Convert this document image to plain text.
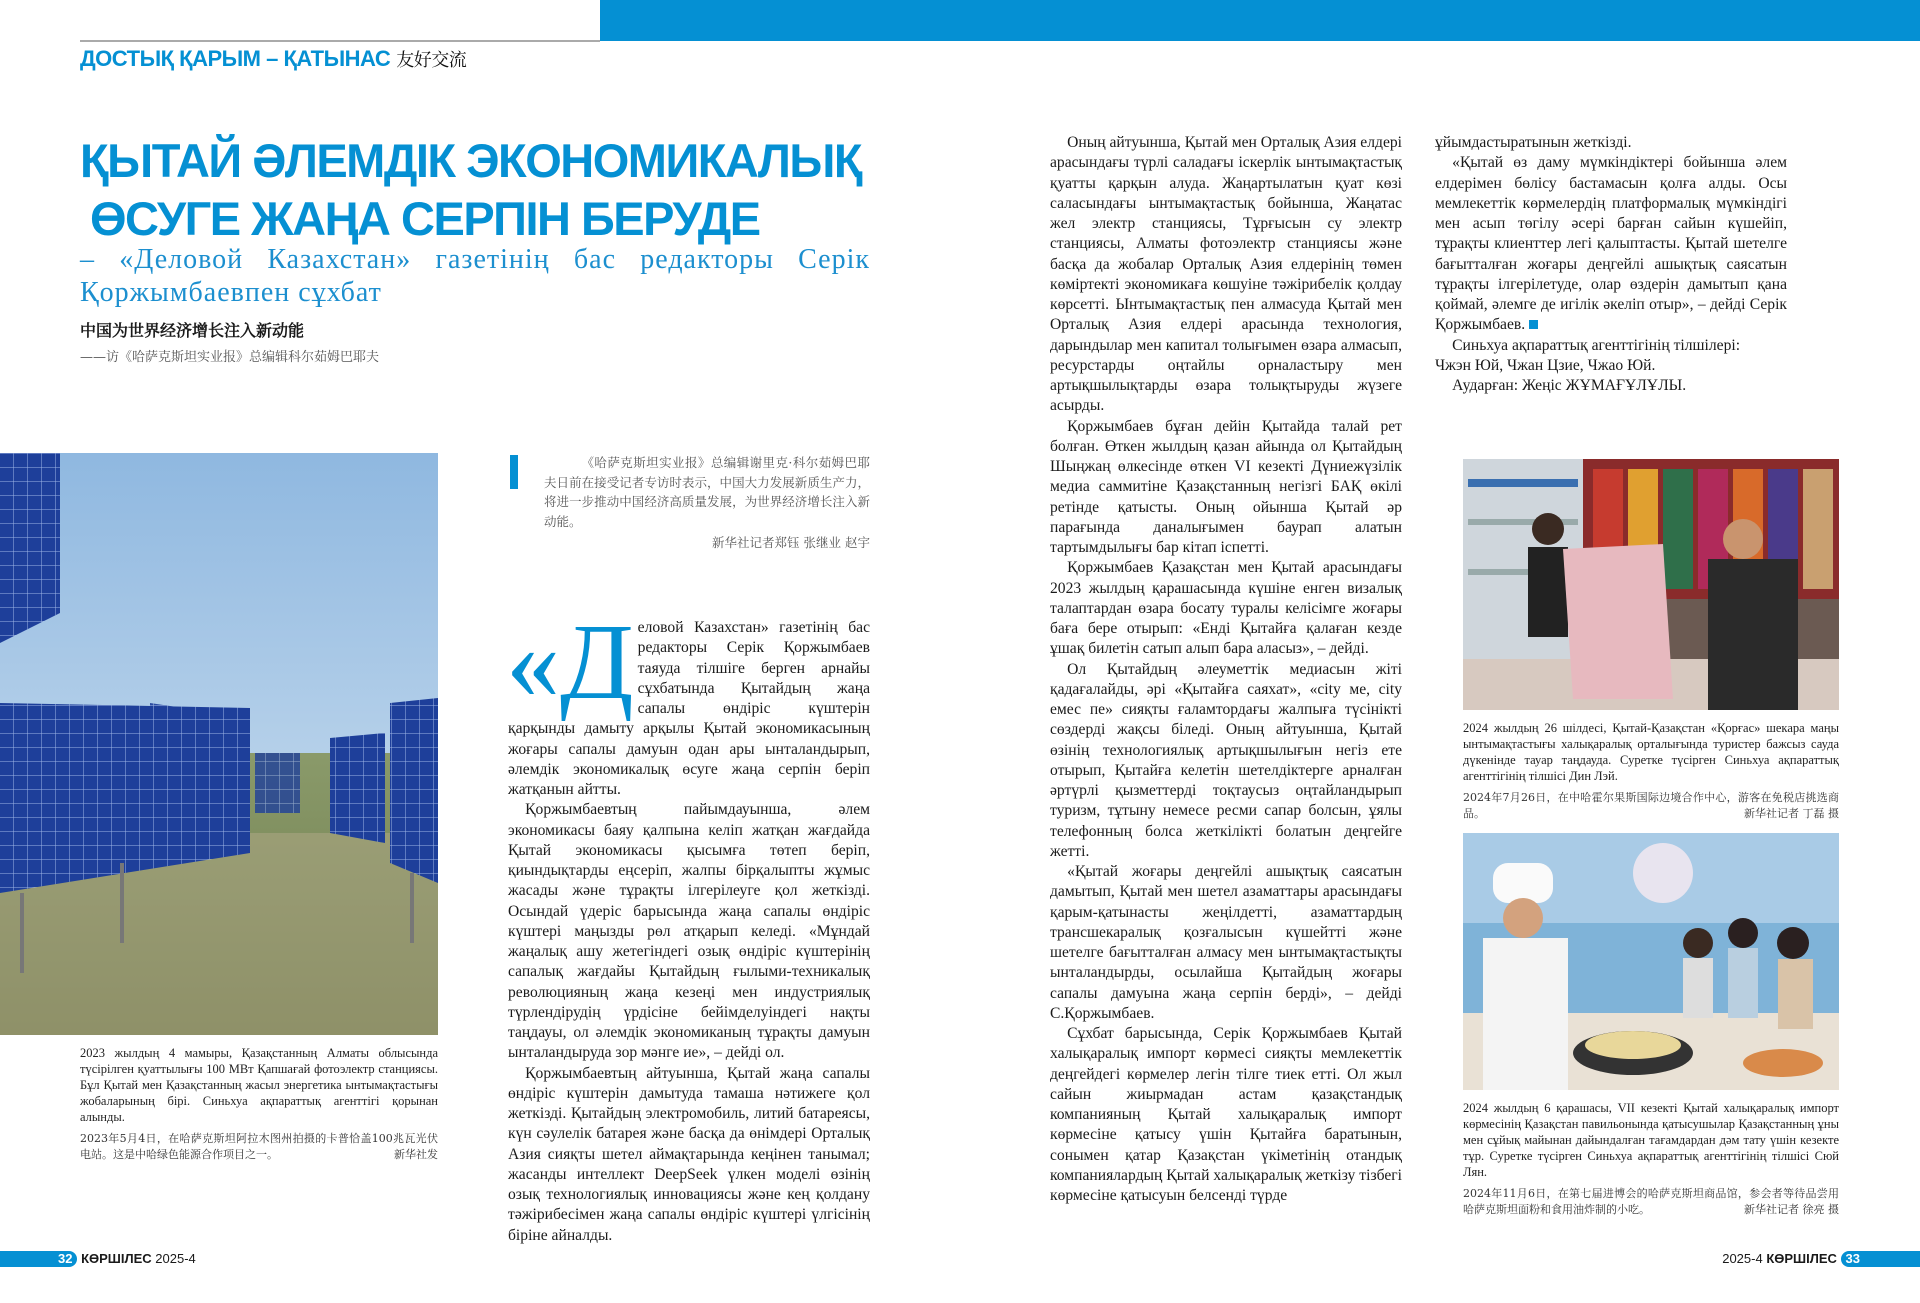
ДОСТЫҚ ҚАРЫМ – ҚАТЫНАС 友好交流
ҚЫТАЙ ӘЛЕМДІК ЭКОНОМИКАЛЫҚ
ӨСУГЕ ЖАҢА СЕРПІН БЕРУДЕ
– «Деловой Казахстан» газетінің бас редакторы Серік Қоржымбаевпен сұхбат
中国为世界经济增长注入新动能
——访《哈萨克斯坦实业报》总编辑科尔茹姆巴耶夫
2023 жылдың 4 мамыры, Қазақстанның Алматы облысында түсірілген қуаттылығы 100 МВт Қапшағай фотоэлектр станциясы. Бұл Қытай мен Қазақстанның жасыл энергетика ынтымақтастығы жобаларының бірі. Синьхуа ақпараттық агенттігі қорынан алынды.
2023年5月4日，在哈萨克斯坦阿拉木图州拍摄的卡普恰盖100兆瓦光伏电站。这是中哈绿色能源合作项目之一。	新华社发
《哈萨克斯坦实业报》总编辑谢里克·科尔茹姆巴耶夫日前在接受记者专访时表示，中国大力发展新质生产力，将进一步推动中国经济高质量发展，为世界经济增长注入新动能。
新华社记者郑钰 张继业 赵宇

«Деловой Казахстан» газетінің бас редакторы Серік Қоржымбаев таяуда тілшіге берген арнайы сұхбатында Қытайдың жаңа сапалы өндіріс күштерін қарқынды дамыту арқылы Қытай экономикасының жоғары сапалы дамуын одан ары ынталандырып, әлемдік экономикалық өсуге жаңа серпін беріп жатқанын айтты.

Қоржымбаевтың пайымдауынша, әлем экономикасы баяу қалпына келіп жатқан жағдайда Қытай экономикасы қысымға төтеп беріп, қиындықтарды еңсеріп, жалпы бірқалыпты жұмыс жасады және тұрақты ілгерілеуге қол жеткізді. Осындай үдеріс барысында жаңа сапалы өндіріс күштері маңызды рөл атқарып келеді. «Мұндай жаңалық ашу жетегіндегі озық өндіріс күштерінің сапалық жағдайы Қытайдың ғылыми-техникалық революцияның жаңа кезеңі мен индустриялық түрлендірудің үрдісіне бейімделуіндегі нақты таңдауы, ол әлемдік экономиканың тұрақты дамуын ынталандыруда зор мәнге ие», – дейді ол.

Қоржымбаевтың айтуынша, Қытай жаңа сапалы өндіріс күштерін дамытуда тамаша нәтижеге қол жеткізді. Қытайдың электромобиль, литий батареясы, күн сәулелік батарея және басқа да өнімдері Орталық Азия сияқты шетел аймақтарында кеңінен танымал; жасанды интеллект DeepSeek үлкен моделі өзінің озық технологиялық инновациясы және кең қолдану тәжірибесімен жаңа сапалы өндіріс күштері үлгісінің біріне айналды.

Оның айтуынша, Қытай мен Орталық Азия елдері арасындағы түрлі саладағы іскерлік ынтымақтастық қуатты қарқын алуда. Жаңартылатын қуат көзі саласындағы ынтымақтастық бойынша, Жаңатас жел электр станциясы, Тұрғысын су электр станциясы, Алматы фотоэлектр станциясы және басқа да жобалар Орталық Азия елдерінің төмен көміртекті экономикаға көшуіне тәжірибелік қолдау көрсетті. Ынтымақтастық пен алмасуда Қытай мен Орталық Азия елдері арасында технология, дарындылар мен капитал толығымен өзара алмасып, ресурстарды оңтайлы орналастыру мен артықшылықтарды өзара толықтыруды жүзеге асырды.

Қоржымбаев бұған дейін Қытайда талай рет болған. Өткен жылдың қазан айында ол Қытайдың Шыңжаң өлкесінде өткен VI кезекті Дүниежүзілік медиа саммитіне Қазақстанның негізгі БАҚ өкілі ретінде қатысты. Оның ойынша Қытай әр парағында даналығымен баурап алатын тартымдылығы бар кітап іспетті.

Қоржымбаев Қазақстан мен Қытай арасындағы 2023 жылдың қарашасында күшіне енген визалық талаптардан өзара босату туралы келісімге жоғары баға бере отырып: «Енді Қытайға қалаған кезде ұшақ билетін сатып алып бара аласыз», – дейді.

Ол Қытайдың әлеуметтік медиасын жіті қадағалайды, әрі «Қытайға саяхат», «city ме, city емес пе» сияқты ғаламтордағы жалпыға түсінікті сөздерді жақсы біледі. Оның айтуынша, Қытай өзінің технологиялық артықшылығын негіз ете отырып, Қытайға келетін шетелдіктерге арналған әртүрлі қызметтерді тоқтаусыз оңтайландырып туризм, тұтыну немесе ресми сапар болсын, ұялы телефонның болса жеткілікті болатын деңгейге жетті.

«Қытай жоғары деңгейлі ашықтық саясатын дамытып, Қытай мен шетел азаматтары арасындағы қарым-қатынасты жеңілдетті, азаматтардың трансшекаралық қозғалысын күшейтті және шетелге бағытталған алмасу мен ынтымақтастықты ынталандырды, осылайша Қытайдың жоғары сапалы дамуына жаңа серпін берді», – дейді С.Қоржымбаев.

Сұхбат барысында, Серік Қоржымбаев Қытай халықаралық импорт көрмесі сияқты мемлекеттік деңгейдегі көрмелер легін тілге тиек етті. Ол жыл сайын жиырмадан астам қазақстандық компанияның Қытай халықаралық импорт көрмесіне қатысу үшін Қытайға баратынын, сонымен қатар Қазақстан үкіметінің отандық компаниялардың Қытай халықаралық жеткізу тізбегі көрмесіне қатысуын белсенді түрде

ұйымдастыратынын жеткізді.

«Қытай өз даму мүмкіндіктері бойынша әлем елдерімен бөлісу бастамасын қолға алды. Осы мемлекеттік көрмелердің платформалық мүмкіндігі мен асып төгілу әсері барған сайын күшейіп, тұрақты клиенттер легі қалыптасты. Қытай шетелге бағытталған жоғары деңгейлі ашықтық саясатын тұрақты ілгерілетуде, олар өздерін дамытып қана қоймай, әлемге де игілік әкеліп отыр», – дейді Серік Қоржымбаев.

Синьхуа ақпараттық агенттігінің тілшілері:

Чжэн Юй, Чжан Цзие, Чжао Юй.

Аударған: Жеңіс ЖҰМАҒҰЛҰЛЫ.

2024 жылдың 26 шілдесі, Қытай-Қазақстан «Қорғас» шекара маңы ынтымақтастығы халықаралық орталығында туристер бажсыз сауда дүкенінде тауар таңдауда. Суретке түсірген Синьхуа ақпараттық агенттігінің тілшісі Дин Лэй.
2024年7月26日，在中哈霍尔果斯国际边境合作中心，游客在免税店挑选商品。	新华社记者 丁磊 摄
2024 жылдың 6 қарашасы, VII кезекті Қытай халықаралық импорт көрмесінің Қазақстан павильонында қатысушылар Қазақстанның ұны мен сұйық майынан дайындалған тағамдардан дәм тату үшін кезекте тұр. Суретке түсірген Синьхуа ақпараттық агенттігінің тілшісі Сюй Лян.
2024年11月6日，在第七届进博会的哈萨克斯坦商品馆，参会者等待品尝用哈萨克斯坦面粉和食用油炸制的小吃。	新华社记者 徐亮 摄
32 КӨРШІЛЕС 2025-4	2025-4 КӨРШІЛЕС 33
